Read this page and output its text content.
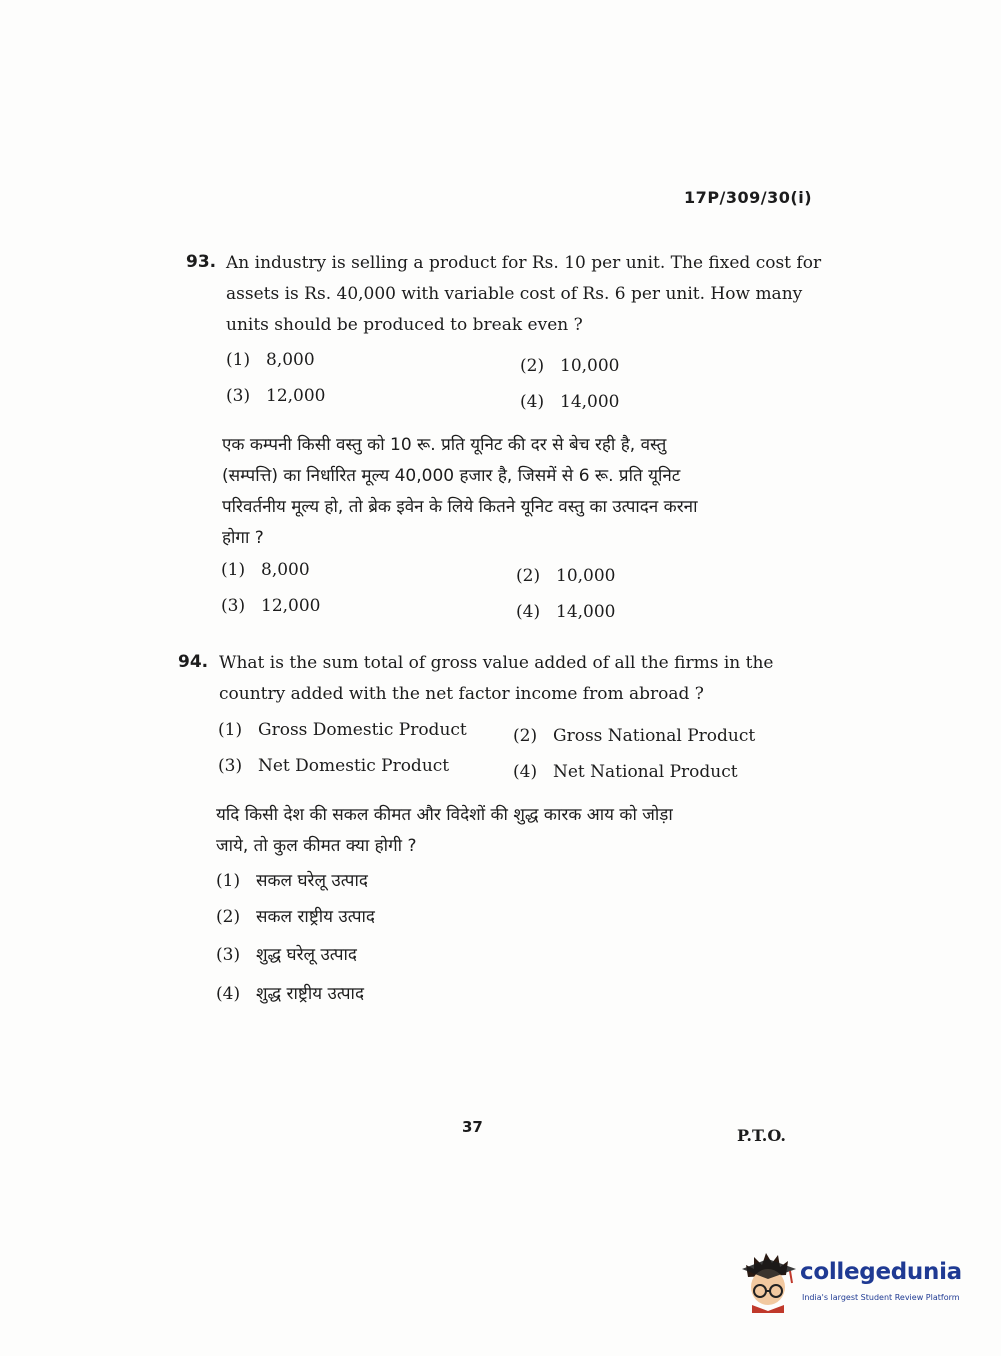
17P/309/30(i)
93. An industry is selling a product for Rs. 10 per unit. The fixed cost for
assets is Rs. 40,000 with variable cost of Rs. 6 per unit. How many
units should be produced to break even ?
(1) 8,000	(2) 10,000
(3) 12,000	(4) 14,000
एक कम्पनी किसी वस्तु को 10 रू. प्रति यूनिट की दर से बेच रही है, वस्तु
(सम्पत्ति) का निर्धारित मूल्य 40,000 हजार है, जिसमें से 6 रू. प्रति यूनिट
परिवर्तनीय मूल्य हो, तो ब्रेक इवेन के लिये कितने यूनिट वस्तु का उत्पादन करना
होगा ?
(1) 8,000	(2) 10,000
(3) 12,000	(4) 14,000
94. What is the sum total of gross value added of all the firms in the
country added with the net factor income from abroad ?
(1) Gross Domestic Product	(2) Gross National Product
(3) Net Domestic Product	(4) Net National Product
यदि किसी देश की सकल कीमत और विदेशों की शुद्ध कारक आय को जोड़ा
जाये, तो कुल कीमत क्या होगी ?
(1) सकल घरेलू उत्पाद
(2) सकल राष्ट्रीय उत्पाद
(3) शुद्ध घरेलू उत्पाद
(4) शुद्ध राष्ट्रीय उत्पाद
37	P.T.O.
collegedunia
India's largest Student Review Platform
